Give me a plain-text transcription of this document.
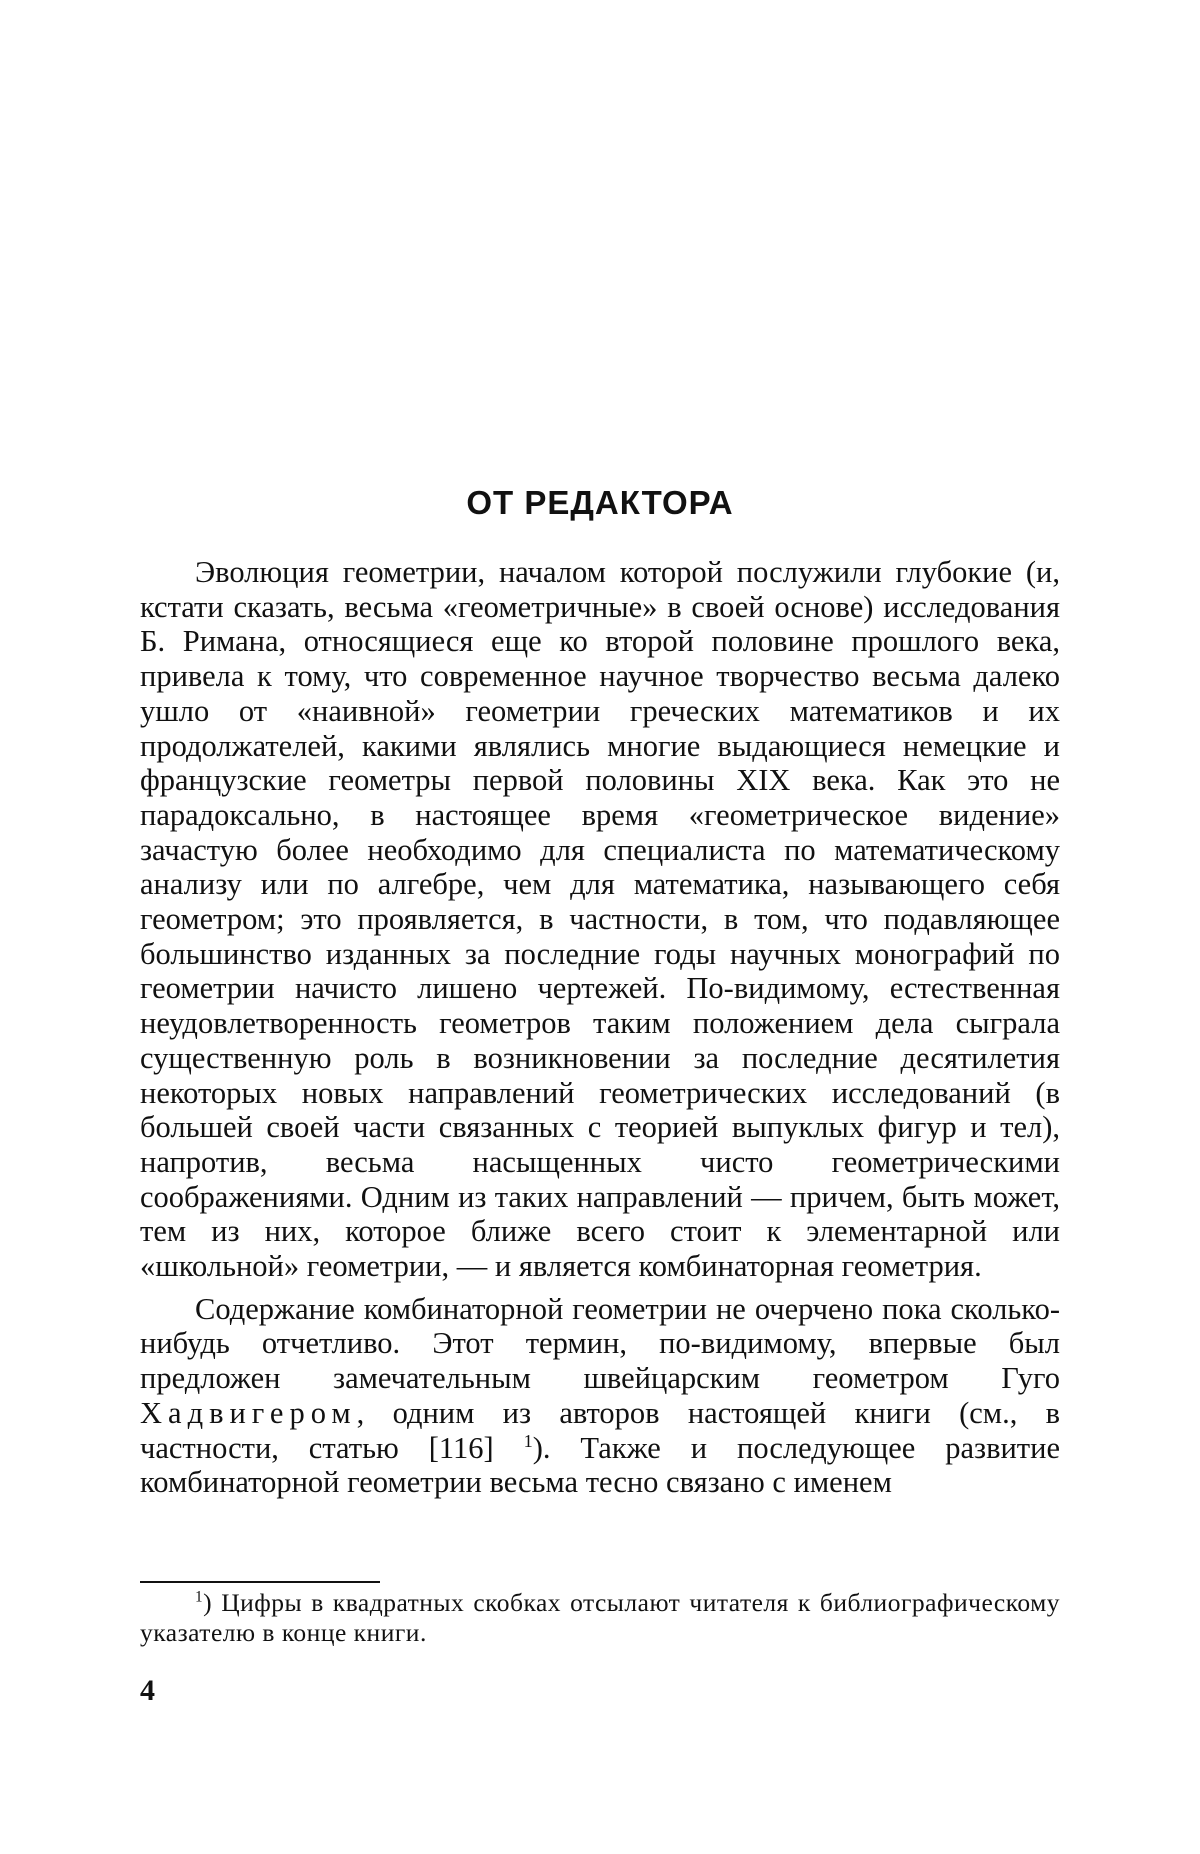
ОТ РЕДАКТОРА

Эволюция геометрии, началом которой послужили глубокие (и, кстати сказать, весьма «геометричные» в своей основе) исследования Б. Римана, относящиеся еще ко второй половине прошлого века, привела к тому, что современное научное творчество весьма далеко ушло от «наивной» геометрии греческих математиков и их продолжателей, какими являлись многие выдающиеся немецкие и французские геометры первой половины XIX века. Как это не парадоксально, в настоящее время «геометрическое видение» зачастую более необходимо для специалиста по математическому анализу или по алгебре, чем для математика, называющего себя геометром; это проявляется, в частности, в том, что подавляющее большинство изданных за последние годы научных монографий по геометрии начисто лишено чертежей. По-видимому, естественная неудовлетворенность геометров таким положением дела сыграла существенную роль в возникновении за последние десятилетия некоторых новых направлений геометрических исследований (в большей своей части связанных с теорией выпуклых фигур и тел), напротив, весьма насыщенных чисто геометрическими соображениями. Одним из таких направлений — причем, быть может, тем из них, которое ближе всего стоит к элементарной или «школьной» геометрии, — и является комбинаторная геометрия.

Содержание комбинаторной геометрии не очерчено пока сколько-нибудь отчетливо. Этот термин, по-видимому, впервые был предложен замечательным швейцарским геометром Гуго Хадвигером, одним из авторов настоящей книги (см., в частности, статью [116] $^1$). Также и последующее развитие комбинаторной геометрии весьма тесно связано с именем

$^1$) Цифры в квадратных скобках отсылают читателя к библиографическому указателю в конце книги.
4
